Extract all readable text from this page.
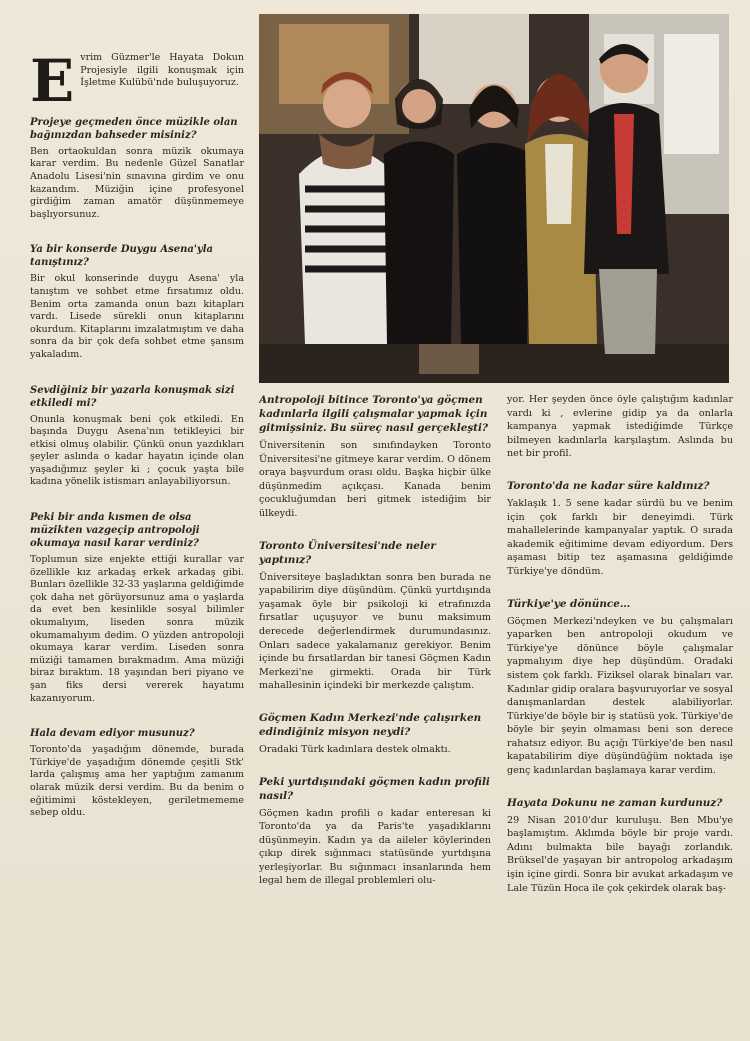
E vrim Güzmer'le Hayata Dokun Projesiyle ilgili konuşmak için İşletme Kulübü'nde buluşuyoruz.

Projeye geçmeden önce müzikle olan bağınızdan bahseder misiniz?

Ben ortaokuldan sonra müzik okumaya karar verdim. Bu nedenle Güzel Sanatlar Anadolu Lisesi'nin sınavına girdim ve onu kazandım. Müziğin içine profesyonel girdiğim zaman amatör düşünmemeye başlıyorsunuz.

Ya bir konserde Duygu Asena'yla tanıştınız?

Bir okul konserinde duygu Asena' yla tanıştım ve sohbet etme fırsatımız oldu. Benim orta zamanda onun bazı kitapları vardı. Lisede sürekli onun kitaplarını okurdum. Kitaplarını imzalatmıştım ve daha sonra da bir çok defa sohbet etme şansım yakaladım.

Sevdiğiniz bir yazarla konuşmak sizi etkiledi mi?

Onunla konuşmak beni çok etkiledi. En başında Duygu Asena'nın tetikleyici bir etkisi olmuş olabilir. Çünkü onun yazdıkları şeyler aslında o kadar hayatın içinde olan yaşadığımız şeyler ki ; çocuk yaşta bile kadına yönelik istismarı anlayabiliyorsun.

Peki bir anda kısmen de olsa müzikten vazgeçip antropoloji okumaya nasıl karar verdiniz?

Toplumun size enjekte ettiği kurallar var özellikle kız arkadaş erkek arkadaş gibi. Bunları özellikle 32-33 yaşlarına geldiğimde çok daha net görüyorsunuz ama o yaşlarda da evet ben kesinlikle sosyal bilimler okumalıyım, liseden sonra müzik okumamalıyım dedim. O yüzden antropoloji okumaya karar verdim. Liseden sonra müziği tamamen bırakmadım. Ama müziği biraz bıraktım. 18 yaşından beri piyano ve şan fiks dersi vererek hayatımı kazanıyorum.

Hala devam ediyor musunuz?

Toronto'da yaşadığım dönemde, burada Türkiye'de yaşadığım dönemde çeşitli Stk' larda çalışmış ama her yaptığım zamanım olarak müzik dersi verdim. Bu da benim o eğitimimi köstekleyen, geriletmememe sebep oldu.

Antropoloji bitince Toronto'ya göçmen kadınlarla ilgili çalışmalar yapmak için gitmişsiniz. Bu süreç nasıl gerçekleşti?

Üniversitenin son sınıfındayken Toronto Üniversitesi'ne gitmeye karar verdim. O dönem oraya başvurdum orası oldu. Başka hiçbir ülke düşünmedim açıkçası. Kanada benim çocukluğumdan beri gitmek istediğim bir ülkeydi.

Toronto Üniversitesi'nde neler yaptınız?

Üniversiteye başladıktan sonra ben burada ne yapabilirim diye düşündüm. Çünkü yurtdışında yaşamak öyle bir psikoloji ki etrafınızda fırsatlar uçuşuyor ve bunu maksimum derecede değerlendirmek durumundasınız. Onları sadece yakalamanız gerekiyor. Benim içinde bu fırsatlardan bir tanesi Göçmen Kadın Merkezi'ne girmekti. Orada bir Türk mahallesinin içindeki bir merkezde çalıştım.

Göçmen Kadın Merkezi'nde çalışırken edindiğiniz misyon neydi?

Oradaki Türk kadınlara destek olmaktı.

Peki yurtdışındaki göçmen kadın profili nasıl?

Göçmen kadın profili o kadar enteresan ki Toronto'da ya da Paris'te yaşadıklarını düşünmeyin. Kadın ya da aileler köylerinden çıkıp direk sığınmacı statüsünde yurtdışına yerleşiyorlar. Bu sığınmacı insanlarında hem legal hem de illegal problemleri olu-

yor. Her şeyden önce öyle çalıştığım kadınlar vardı ki , evlerine gidip ya da onlarla kampanya yapmak istediğimde Türkçe bilmeyen kadınlarla karşılaştım. Aslında bu net bir profil.

Toronto'da ne kadar süre kaldınız?

Yaklaşık 1. 5 sene kadar sürdü bu ve benim için çok farklı bir deneyimdi. Türk mahallelerinde kampanyalar yaptık. O sırada akademik eğitimime devam ediyordum. Ders aşaması bitip tez aşamasına geldiğimde Türkiye'ye döndüm.

Türkiye'ye dönünce…

Göçmen Merkezi'ndeyken ve bu çalışmaları yaparken ben antropoloji okudum ve Türkiye'ye dönünce böyle çalışmalar yapmalıyım diye hep düşündüm. Oradaki sistem çok farklı. Fiziksel olarak binaları var. Kadınlar gidip oralara başvuruyorlar ve sosyal danışmanlardan destek alabiliyorlar. Türkiye'de böyle bir iş statüsü yok. Türkiye'de böyle bir şeyin olmaması beni son derece rahatsız ediyor. Bu açığı Türkiye'de ben nasıl kapatabilirim diye düşündüğüm noktada işe genç kadınlardan başlamaya karar verdim.

Hayata Dokunu ne zaman kurdunuz?

29 Nisan 2010'dur kuruluşu. Ben Mbu'ye başlamıştım. Aklımda böyle bir proje vardı. Adını bulmakta bile bayağı zorlandık. Brüksel'de yaşayan bir antropolog arkadaşım işin içine girdi. Sonra bir avukat arkadaşım ve Lale Tüzün Hoca ile çok çekirdek olarak baş-
